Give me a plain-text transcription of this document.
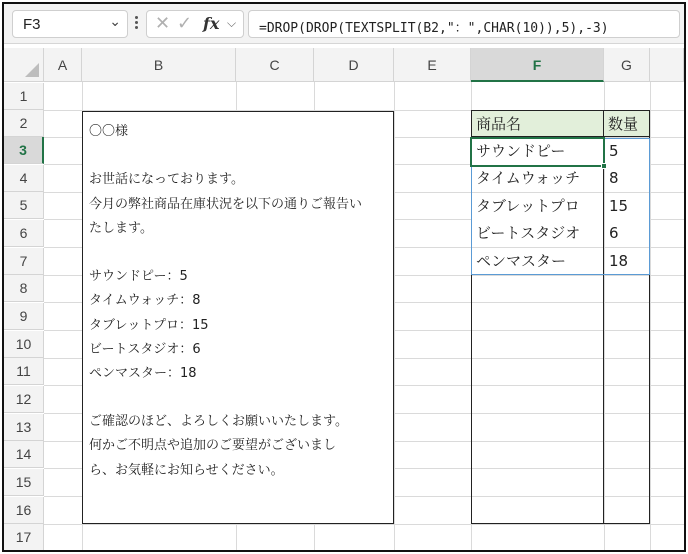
F3	⌄ ✕ ✓ fx ⌵ =DROP(DROP(TEXTSPLIT(B2,"：",CHAR(10)),5),-3)
A	B	C	D	E	F	G
1
2
3
4
5
6
7
8
9
10
11
12
13
14
15
16
17
〇〇様
お世話になっております。
今月の弊社商品在庫状況を以下の通りご報告い
たします。
サウンドピー：5
タイムウォッチ：8
タブレットプロ：15
ビートスタジオ：6
ペンマスター：18
ご確認のほど、よろしくお願いいたします。
何かご不明点や追加のご要望がございまし
ら、お気軽にお知らせください。
商品名	数量
サウンドピー	5
タイムウォッチ	8
タブレットプロ	15
ビートスタジオ	6
ペンマスター	18
